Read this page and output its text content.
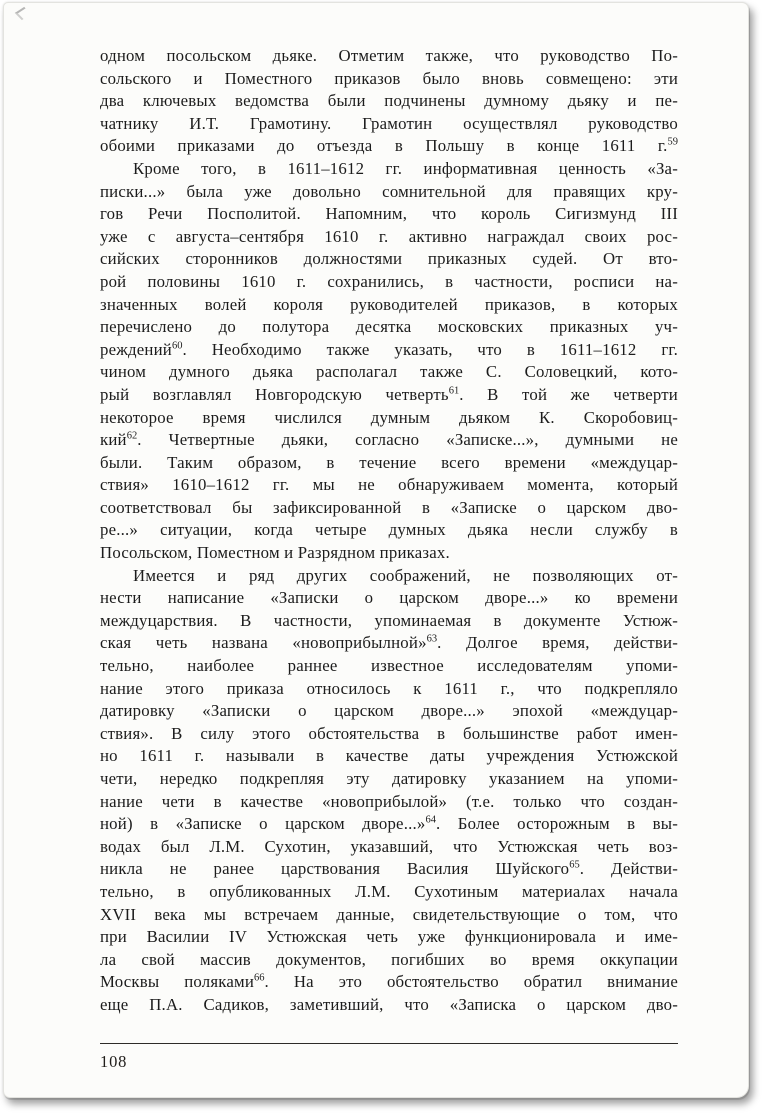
одном посольском дьяке. Отметим также, что руководство По-
сольского и Поместного приказов было вновь совмещено: эти
два ключевых ведомства были подчинены думному дьяку и пе-
чатнику И.Т. Грамотину. Грамотин осуществлял руководство
обоими приказами до отъезда в Польшу в конце 1611 г.$^{59}$
Кроме того, в 1611–1612 гг. информативная ценность «За-
писки...» была уже довольно сомнительной для правящих кру-
гов Речи Посполитой. Напомним, что король Сигизмунд III
уже с августа–сентября 1610 г. активно награждал своих рос-
сийских сторонников должностями приказных судей. От вто-
рой половины 1610 г. сохранились, в частности, росписи на-
значенных волей короля руководителей приказов, в которых
перечислено до полутора десятка московских приказных уч-
реждений$^{60}$. Необходимо также указать, что в 1611–1612 гг.
чином думного дьяка располагал также С. Соловецкий, кото-
рый возглавлял Новгородскую четверть$^{61}$. В той же четверти
некоторое время числился думным дьяком К. Скоробовиц-
кий$^{62}$. Четвертные дьяки, согласно «Записке...», думными не
были. Таким образом, в течение всего времени «междуцар-
ствия» 1610–1612 гг. мы не обнаруживаем момента, который
соответствовал бы зафиксированной в «Записке о царском дво-
ре...» ситуации, когда четыре думных дьяка несли службу в
Посольском, Поместном и Разрядном приказах.
Имеется и ряд других соображений, не позволяющих от-
нести написание «Записки о царском дворе...» ко времени
междуцарствия. В частности, упоминаемая в документе Устюж-
ская четь названа «новоприбылной»$^{63}$. Долгое время, действи-
тельно, наиболее раннее известное исследователям упоми-
нание этого приказа относилось к 1611 г., что подкрепляло
датировку «Записки о царском дворе...» эпохой «междуцар-
ствия». В силу этого обстоятельства в большинстве работ имен-
но 1611 г. называли в качестве даты учреждения Устюжской
чети, нередко подкрепляя эту датировку указанием на упоми-
нание чети в качестве «новоприбылой» (т.е. только что создан-
ной) в «Записке о царском дворе...»$^{64}$. Более осторожным в вы-
водах был Л.М. Сухотин, указавший, что Устюжская четь воз-
никла не ранее царствования Василия Шуйского$^{65}$. Действи-
тельно, в опубликованных Л.М. Сухотиным материалах начала
XVII века мы встречаем данные, свидетельствующие о том, что
при Василии IV Устюжская четь уже функционировала и име-
ла свой массив документов, погибших во время оккупации
Москвы поляками$^{66}$. На это обстоятельство обратил внимание
еще П.А. Садиков, заметивший, что «Записка о царском дво-
108
